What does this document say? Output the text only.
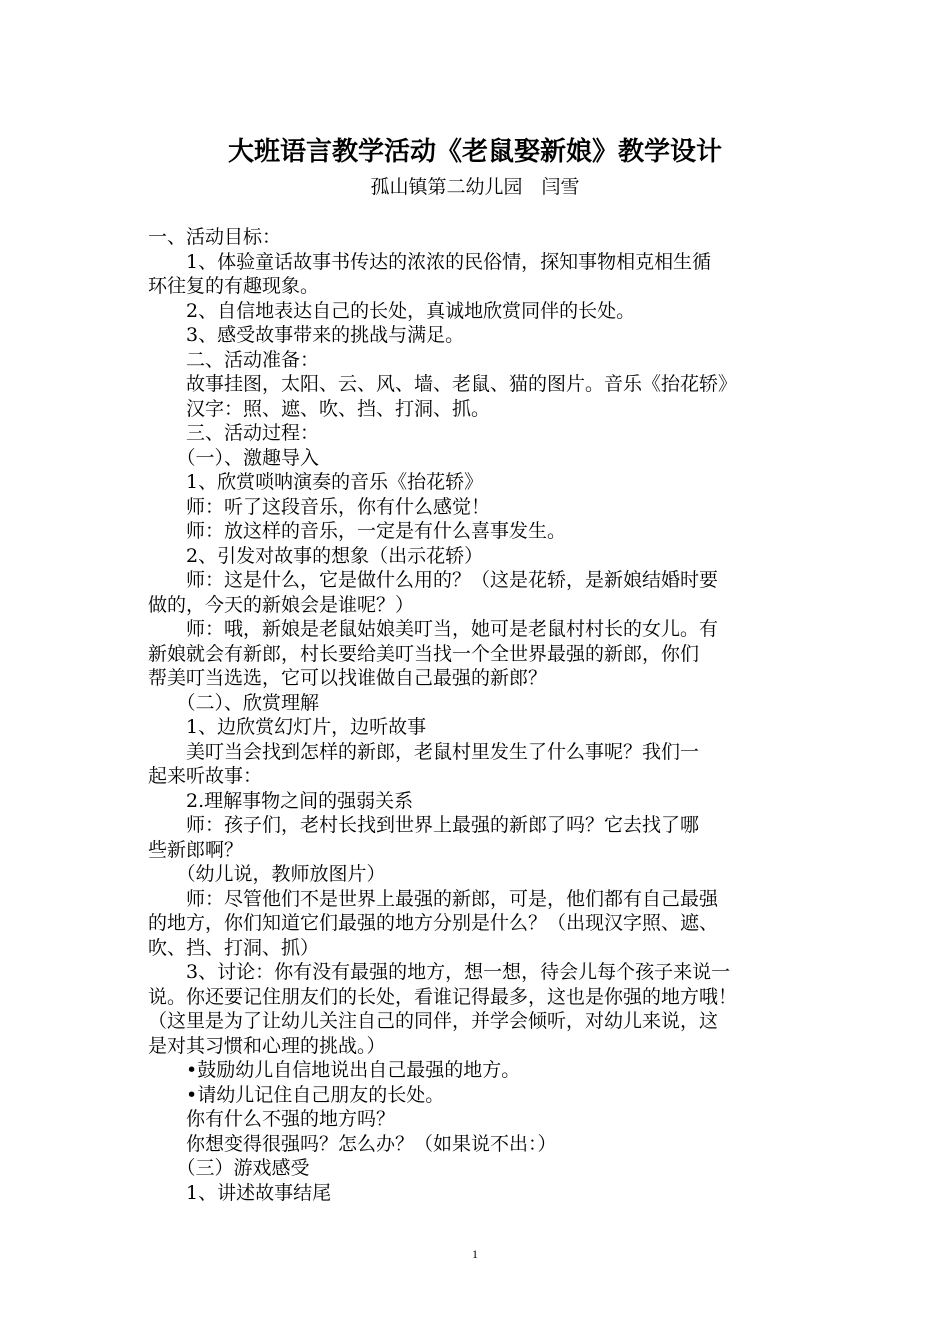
大班语言教学活动《老鼠娶新娘》教学设计
孤山镇第二幼儿园　闫雪

一、活动目标：

　　1、体验童话故事书传达的浓浓的民俗情，探知事物相克相生循

环往复的有趣现象。

　　2、自信地表达自己的长处，真诚地欣赏同伴的长处。

　　3、感受故事带来的挑战与满足。

　　二、活动准备：

　　故事挂图，太阳、云、风、墙、老鼠、猫的图片。音乐《抬花轿》

　　汉字：照、遮、吹、挡、打洞、抓。

　　三、活动过程：

　　（一）、激趣导入

　　1、欣赏唢呐演奏的音乐《抬花轿》

　　师：听了这段音乐，你有什么感觉！

　　师：放这样的音乐，一定是有什么喜事发生。

　　2、引发对故事的想象（出示花轿）

　　师：这是什么，它是做什么用的？（这是花轿，是新娘结婚时要

做的，今天的新娘会是谁呢？）

　　师：哦，新娘是老鼠姑娘美叮当，她可是老鼠村村长的女儿。有

新娘就会有新郎，村长要给美叮当找一个全世界最强的新郎，你们

帮美叮当选选，它可以找谁做自己最强的新郎？

　　（二）、欣赏理解

　　1、边欣赏幻灯片，边听故事

　　美叮当会找到怎样的新郎，老鼠村里发生了什么事呢？我们一

起来听故事：

　　2.理解事物之间的强弱关系

　　师：孩子们，老村长找到世界上最强的新郎了吗？它去找了哪

些新郎啊？

　　（幼儿说，教师放图片）

　　师：尽管他们不是世界上最强的新郎，可是，他们都有自己最强

的地方，你们知道它们最强的地方分别是什么？（出现汉字照、遮、

吹、挡、打洞、抓）

　　3、讨论：你有没有最强的地方，想一想，待会儿每个孩子来说一

说。你还要记住朋友们的长处，看谁记得最多，这也是你强的地方哦！

（这里是为了让幼儿关注自己的同伴，并学会倾听，对幼儿来说，这

是对其习惯和心理的挑战。）

　　•鼓励幼儿自信地说出自己最强的地方。

　　•请幼儿记住自己朋友的长处。

　　你有什么不强的地方吗？

　　你想变得很强吗？怎么办？（如果说不出：）

　　（三）游戏感受

　　1、讲述故事结尾

1
